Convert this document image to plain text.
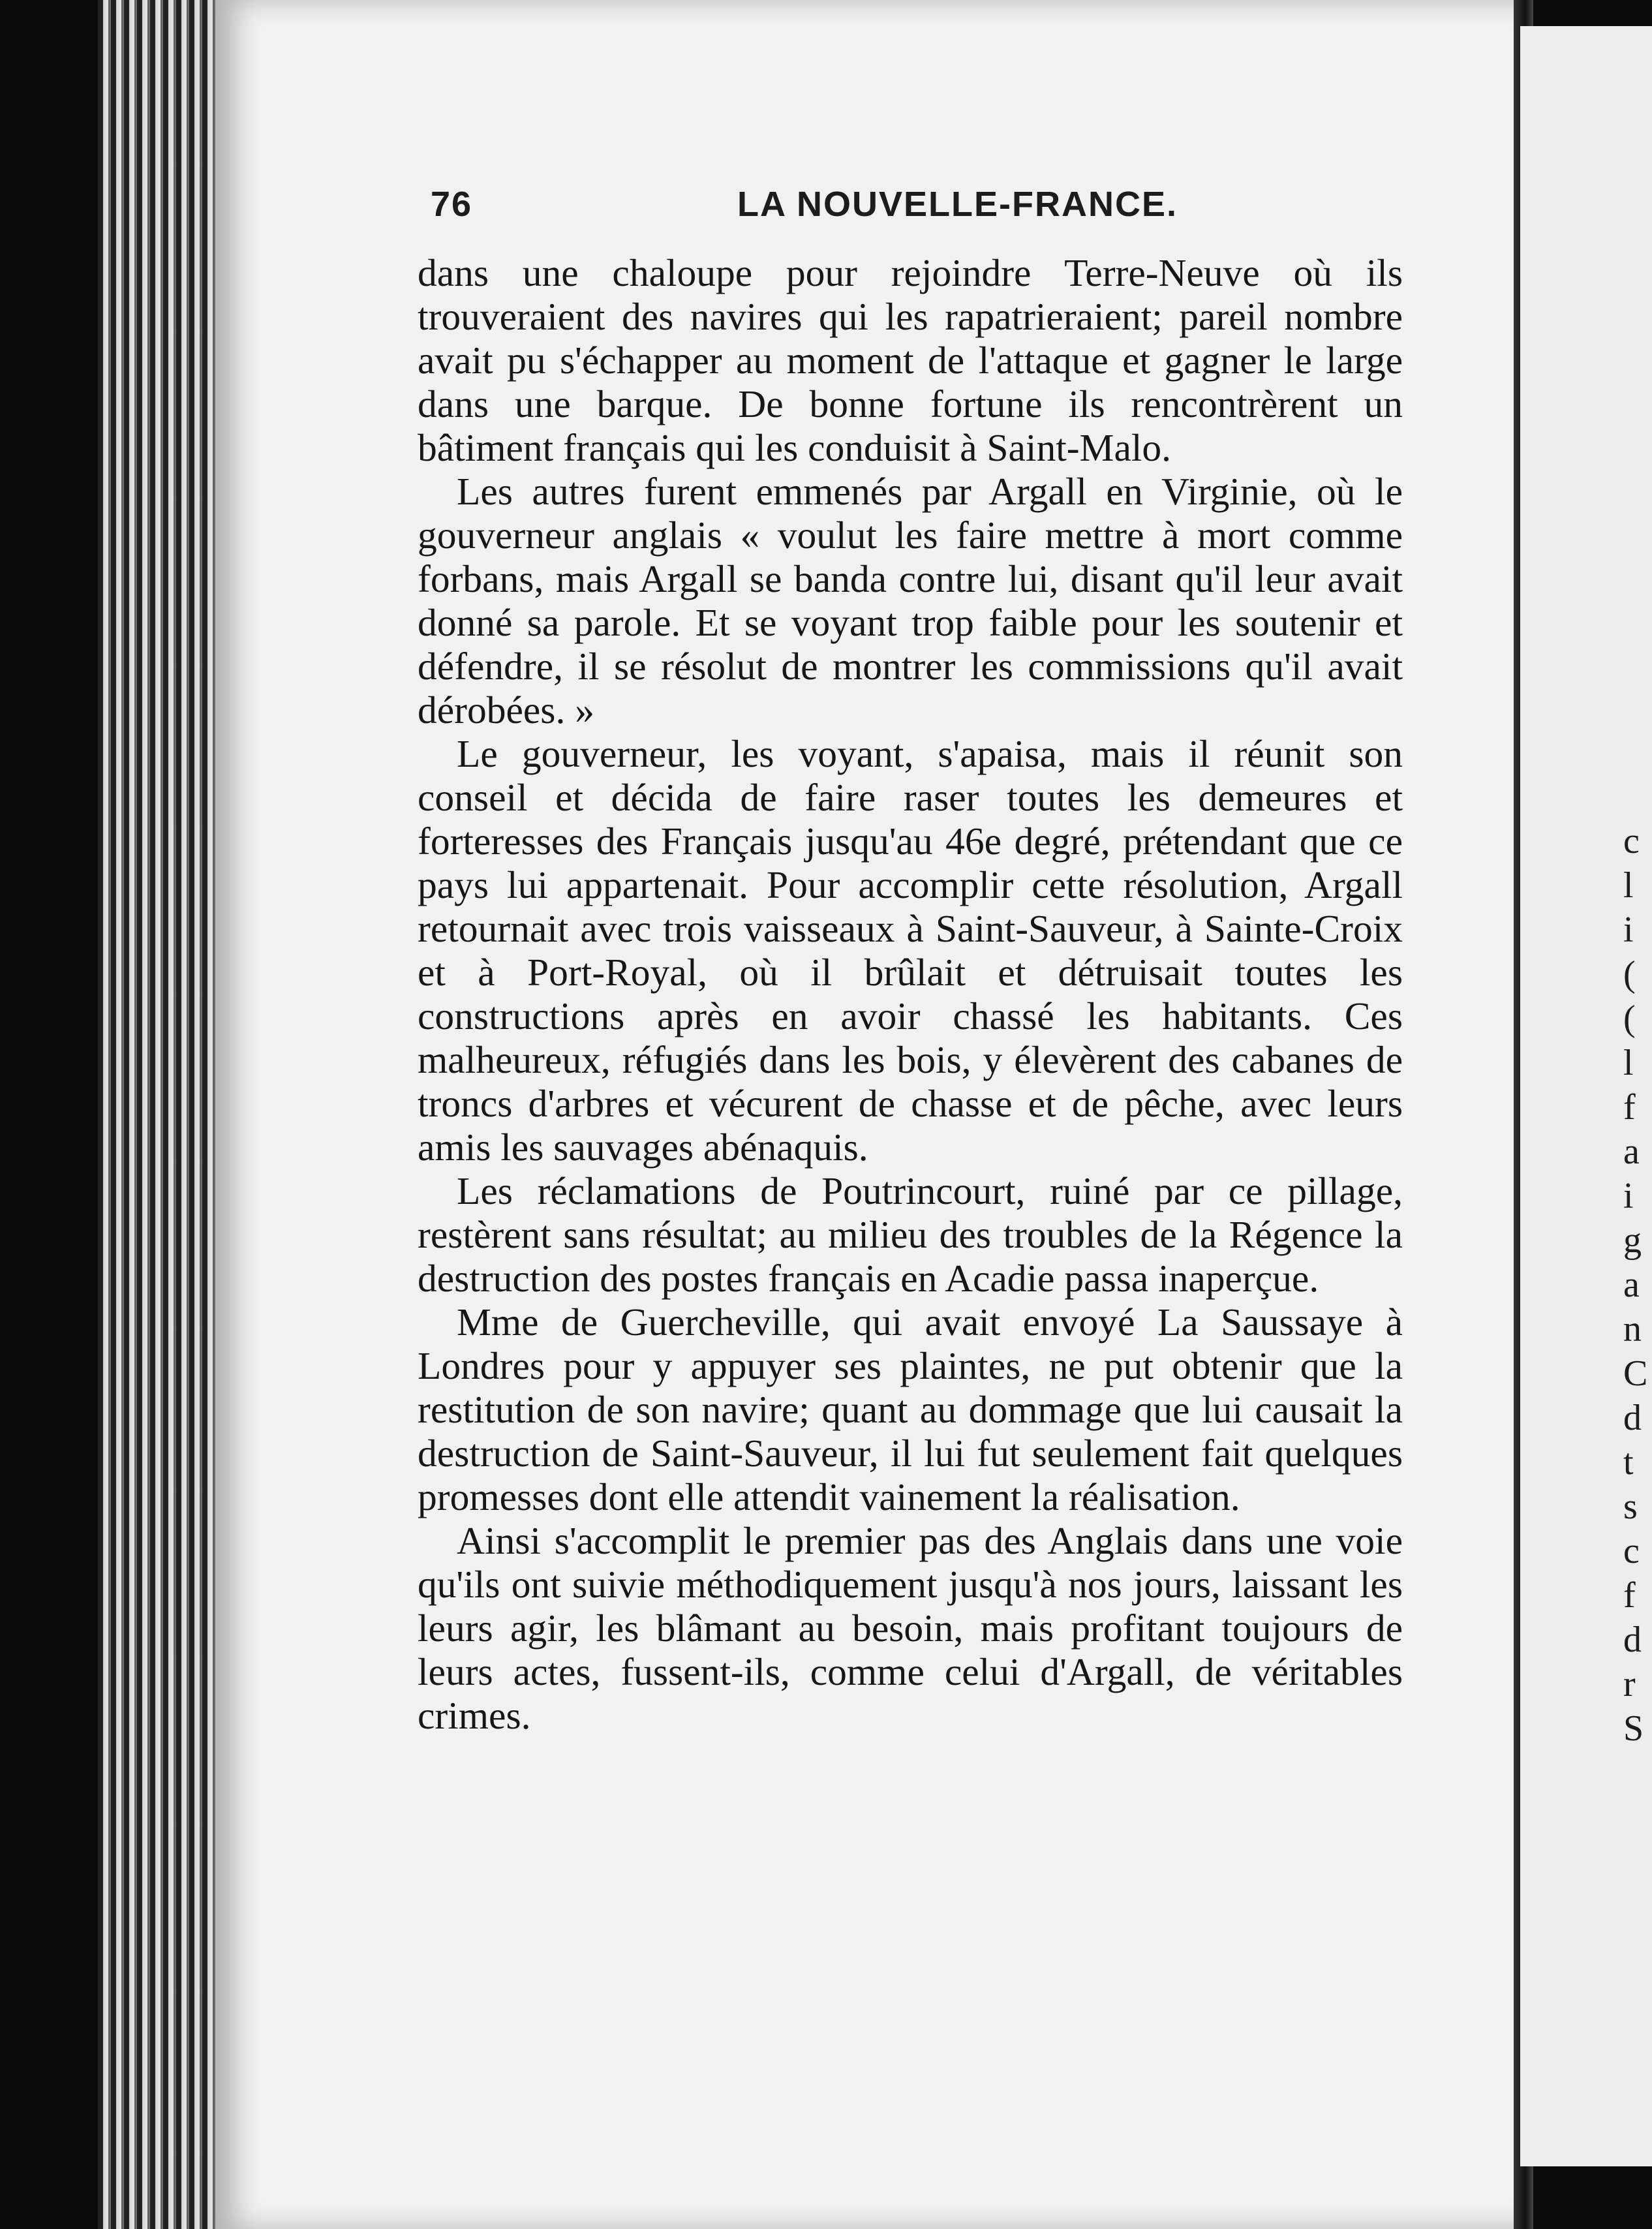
76	LA NOUVELLE-FRANCE.

dans une chaloupe pour rejoindre Terre-Neuve où ils trouveraient des navires qui les rapatrieraient; pareil nombre avait pu s'échapper au moment de l'attaque et gagner le large dans une barque. De bonne fortune ils rencontrèrent un bâtiment français qui les conduisit à Saint-Malo.

Les autres furent emmenés par Argall en Virginie, où le gouverneur anglais « voulut les faire mettre à mort comme forbans, mais Argall se banda contre lui, disant qu'il leur avait donné sa parole. Et se voyant trop faible pour les soutenir et défendre, il se résolut de montrer les commissions qu'il avait dérobées. »

Le gouverneur, les voyant, s'apaisa, mais il réunit son conseil et décida de faire raser toutes les demeures et forteresses des Français jusqu'au 46e degré, prétendant que ce pays lui appartenait. Pour accomplir cette résolution, Argall retournait avec trois vaisseaux à Saint-Sauveur, à Sainte-Croix et à Port-Royal, où il brûlait et détruisait toutes les constructions après en avoir chassé les habitants. Ces malheureux, réfugiés dans les bois, y élevèrent des cabanes de troncs d'arbres et vécurent de chasse et de pêche, avec leurs amis les sauvages abénaquis.

Les réclamations de Poutrincourt, ruiné par ce pillage, restèrent sans résultat; au milieu des troubles de la Régence la destruction des postes français en Acadie passa inaperçue.

Mme de Guercheville, qui avait envoyé La Saussaye à Londres pour y appuyer ses plaintes, ne put obtenir que la restitution de son navire; quant au dommage que lui causait la destruction de Saint-Sauveur, il lui fut seulement fait quelques promesses dont elle attendit vainement la réalisation.

Ainsi s'accomplit le premier pas des Anglais dans une voie qu'ils ont suivie méthodiquement jusqu'à nos jours, laissant les leurs agir, les blâmant au besoin, mais profitant toujours de leurs actes, fussent-ils, comme celui d'Argall, de véritables crimes.

c
l
i
(
(
l
f
a
i
g
a
n
C
d
t
s
c
f
d
r
S
